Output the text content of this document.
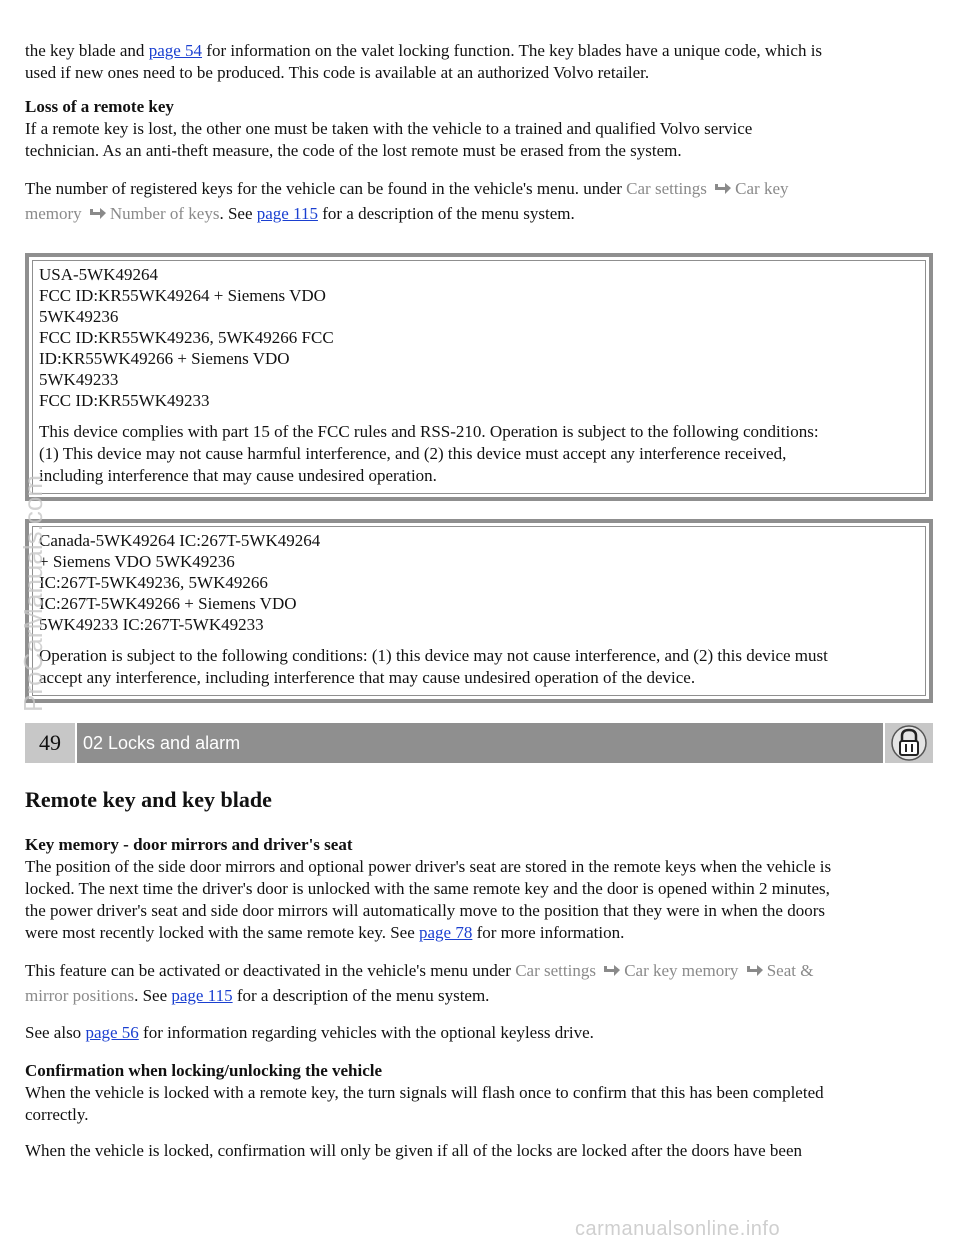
the key blade and page 54 for information on the valet locking function. The key blades have a unique code, which is

used if new ones need to be produced. This code is available at an authorized Volvo retailer.

Loss of a remote key

If a remote key is lost, the other one must be taken with the vehicle to a trained and qualified Volvo service

technician. As an anti-theft measure, the code of the lost remote must be erased from the system.

The number of registered keys for the vehicle can be found in the vehicle's menu. under Car settings Car key
memory Number of keys. See page 115 for a description of the menu system.

USA-5WK49264
FCC ID:KR55WK49264 + Siemens VDO
5WK49236
FCC ID:KR55WK49236, 5WK49266 FCC
ID:KR55WK49266 + Siemens VDO
5WK49233
FCC ID:KR55WK49233
This device complies with part 15 of the FCC rules and RSS-210. Operation is subject to the following conditions:
(1) This device may not cause harmful interference, and (2) this device must accept any interference received,
including interference that may cause undesired operation.
Canada-5WK49264 IC:267T-5WK49264
+ Siemens VDO 5WK49236
IC:267T-5WK49236, 5WK49266
IC:267T-5WK49266 + Siemens VDO
5WK49233 IC:267T-5WK49233
Operation is subject to the following conditions: (1) this device may not cause interference, and (2) this device must
accept any interference, including interference that may cause undesired operation of the device.
ProCarManuals.com
49	02 Locks and alarm
Remote key and key blade

Key memory - door mirrors and driver's seat

The position of the side door mirrors and optional power driver's seat are stored in the remote keys when the vehicle is

locked. The next time the driver's door is unlocked with the same remote key and the door is opened within 2 minutes,

the power driver's seat and side door mirrors will automatically move to the position that they were in when the doors

were most recently locked with the same remote key. See page 78 for more information.

This feature can be activated or deactivated in the vehicle's menu under Car settings Car key memory Seat &
mirror positions. See page 115 for a description of the menu system.

See also page 56 for information regarding vehicles with the optional keyless drive.

Confirmation when locking/unlocking the vehicle

When the vehicle is locked with a remote key, the turn signals will flash once to confirm that this has been completed

correctly.

When the vehicle is locked, confirmation will only be given if all of the locks are locked after the doors have been

carmanualsonline.info
